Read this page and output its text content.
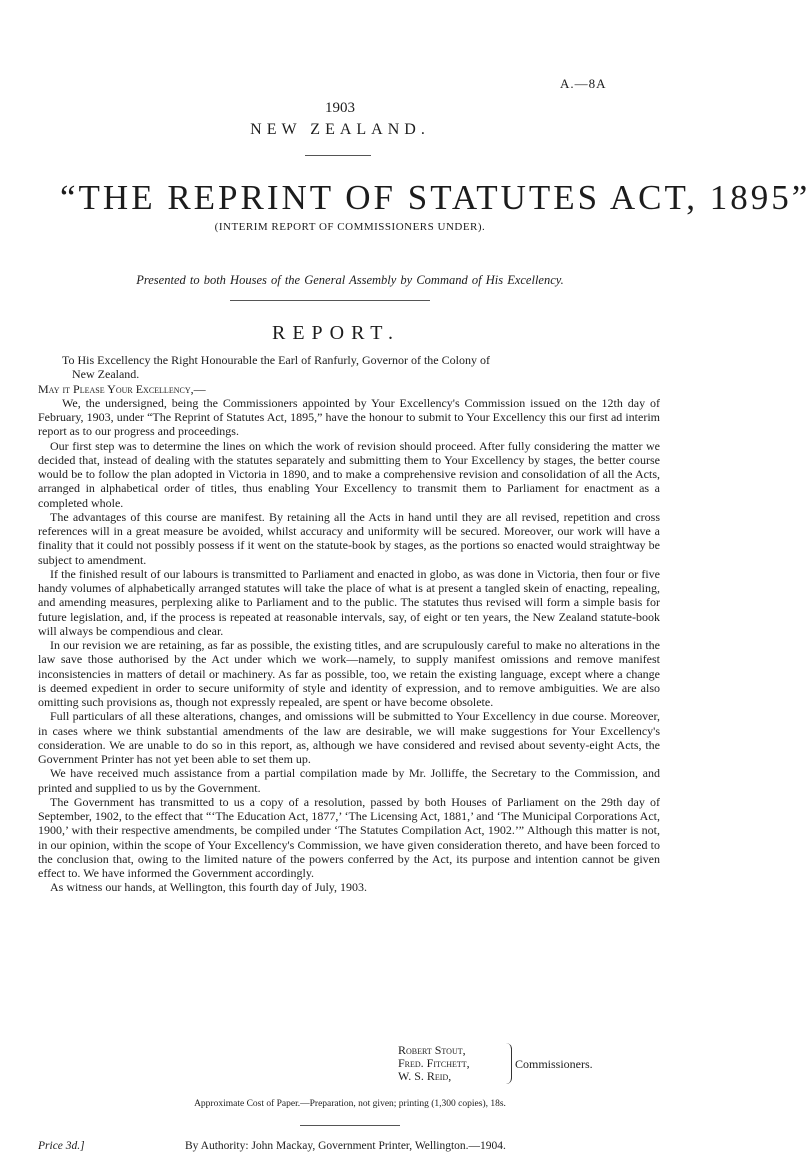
A.—8A
1903
NEW ZEALAND.
“THE REPRINT OF STATUTES ACT, 1895”
(INTERIM REPORT OF COMMISSIONERS UNDER).
Presented to both Houses of the General Assembly by Command of His Excellency.
REPORT.

To His Excellency the Right Honourable the Earl of Ranfurly, Governor of the Colony of

New Zealand.

May it Please Your Excellency,—

We, the undersigned, being the Commissioners appointed by Your Excellency's Commission issued on the 12th day of February, 1903, under “The Reprint of Statutes Act, 1895,” have the honour to submit to Your Excellency this our first ad interim report as to our progress and proceedings.

Our first step was to determine the lines on which the work of revision should proceed. After fully considering the matter we decided that, instead of dealing with the statutes separately and submitting them to Your Excellency by stages, the better course would be to follow the plan adopted in Victoria in 1890, and to make a comprehensive revision and consolidation of all the Acts, arranged in alphabetical order of titles, thus enabling Your Excellency to transmit them to Parliament for enactment as a completed whole.

The advantages of this course are manifest. By retaining all the Acts in hand until they are all revised, repetition and cross references will in a great measure be avoided, whilst accuracy and uniformity will be secured. Moreover, our work will have a finality that it could not possibly possess if it went on the statute-book by stages, as the portions so enacted would straightway be subject to amendment.

If the finished result of our labours is transmitted to Parliament and enacted in globo, as was done in Victoria, then four or five handy volumes of alphabetically arranged statutes will take the place of what is at present a tangled skein of enacting, repealing, and amending measures, perplexing alike to Parliament and to the public. The statutes thus revised will form a simple basis for future legislation, and, if the process is repeated at reasonable intervals, say, of eight or ten years, the New Zealand statute-book will always be compendious and clear.

In our revision we are retaining, as far as possible, the existing titles, and are scrupulously careful to make no alterations in the law save those authorised by the Act under which we work—namely, to supply manifest omissions and remove manifest inconsistencies in matters of detail or machinery. As far as possible, too, we retain the existing language, except where a change is deemed expedient in order to secure uniformity of style and identity of expression, and to remove ambiguities. We are also omitting such provisions as, though not expressly repealed, are spent or have become obsolete.

Full particulars of all these alterations, changes, and omissions will be submitted to Your Excellency in due course. Moreover, in cases where we think substantial amendments of the law are desirable, we will make suggestions for Your Excellency's consideration. We are unable to do so in this report, as, although we have considered and revised about seventy-eight Acts, the Government Printer has not yet been able to set them up.

We have received much assistance from a partial compilation made by Mr. Jolliffe, the Secretary to the Commission, and printed and supplied to us by the Government.

The Government has transmitted to us a copy of a resolution, passed by both Houses of Parliament on the 29th day of September, 1902, to the effect that “‘The Education Act, 1877,’ ‘The Licensing Act, 1881,’ and ‘The Municipal Corporations Act, 1900,’ with their respective amendments, be compiled under ‘The Statutes Compilation Act, 1902.’” Although this matter is not, in our opinion, within the scope of Your Excellency's Commission, we have given consideration thereto, and have been forced to the conclusion that, owing to the limited nature of the powers conferred by the Act, its purpose and intention cannot be given effect to. We have informed the Government accordingly.

As witness our hands, at Wellington, this fourth day of July, 1903.

Robert Stout,
Fred. Fitchett,
W. S. Reid,
Commissioners.
Approximate Cost of Paper.—Preparation, not given; printing (1,300 copies), 18s.
Price 3d.]	By Authority: John Mackay, Government Printer, Wellington.—1904.
